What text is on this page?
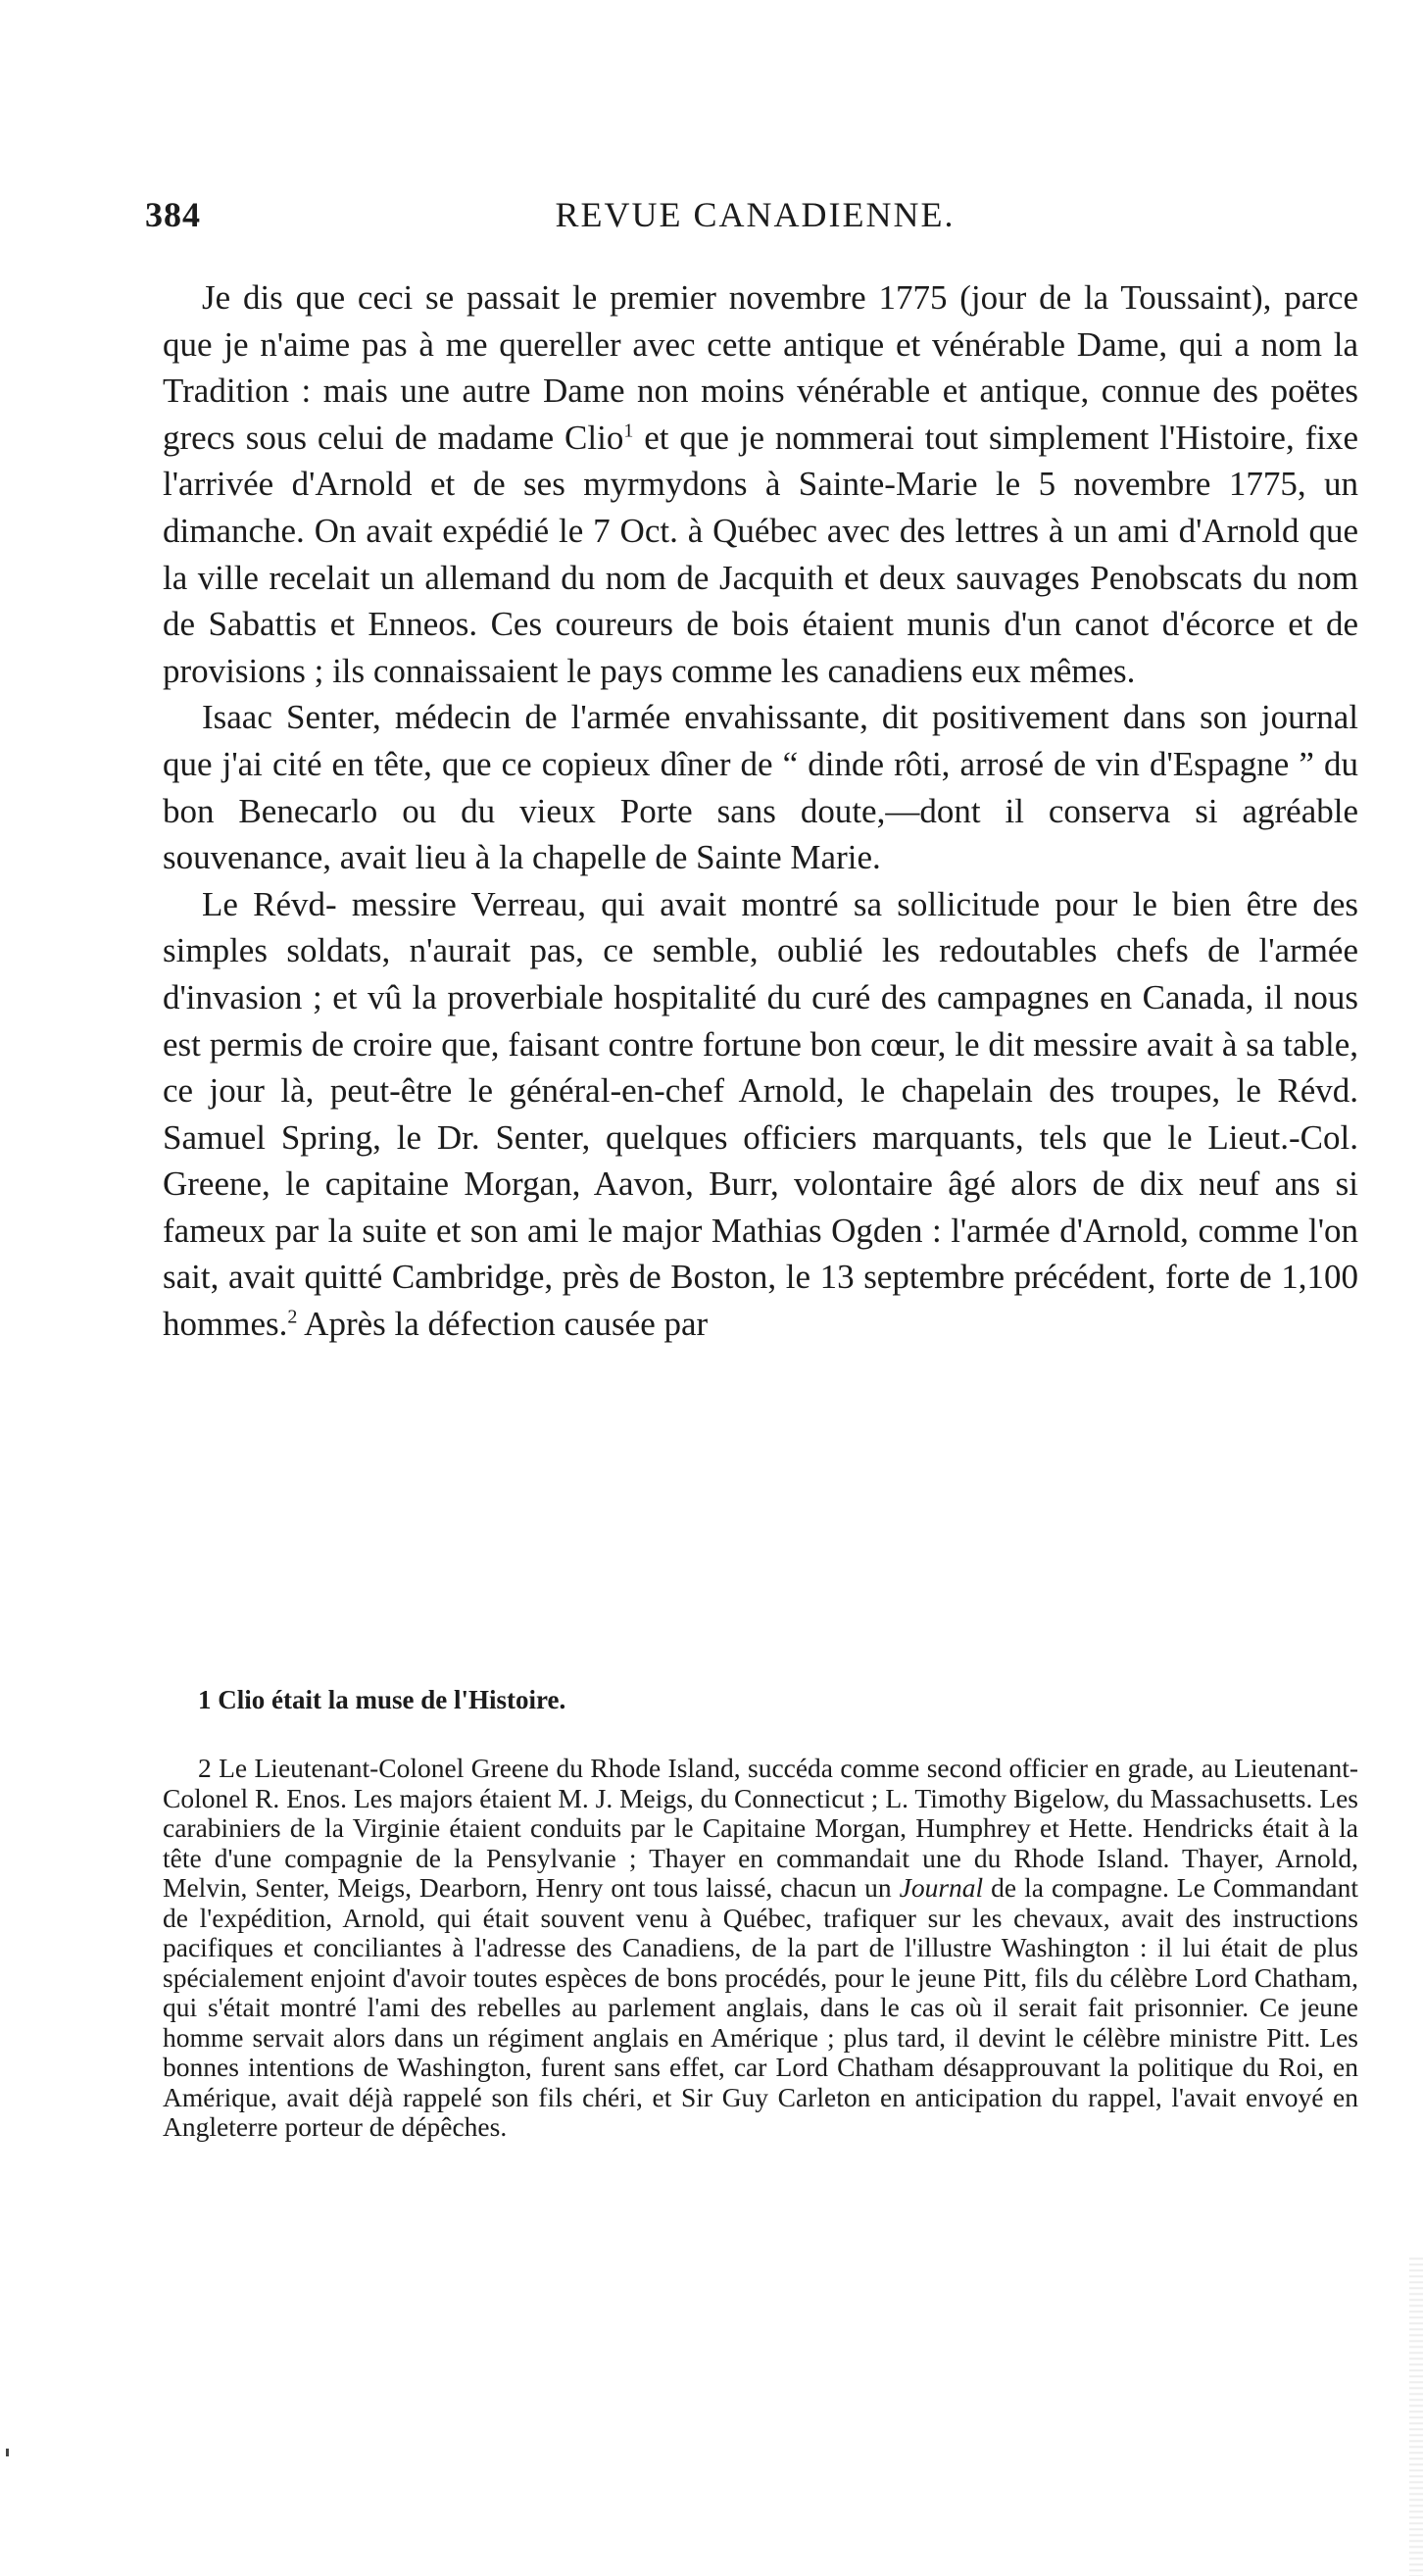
384	REVUE CANADIENNE.

Je dis que ceci se passait le premier novembre 1775 (jour de la Toussaint), parce que je n'aime pas à me quereller avec cette antique et vénérable Dame, qui a nom la Tradition : mais une autre Dame non moins vénérable et antique, connue des poëtes grecs sous celui de madame Clio$^1$ et que je nommerai tout simplement l'Histoire, fixe l'arrivée d'Arnold et de ses myrmydons à Sainte-Marie le 5 novembre 1775, un dimanche. On avait expédié le 7 Oct. à Québec avec des lettres à un ami d'Arnold que la ville recelait un allemand du nom de Jacquith et deux sauvages Penobscats du nom de Sabattis et Enneos. Ces coureurs de bois étaient munis d'un canot d'écorce et de provisions ; ils connaissaient le pays comme les canadiens eux mêmes.

Isaac Senter, médecin de l'armée envahissante, dit positivement dans son journal que j'ai cité en tête, que ce copieux dîner de “ dinde rôti, arrosé de vin d'Espagne ” du bon Benecarlo ou du vieux Porte sans doute,—dont il conserva si agréable souvenance, avait lieu à la chapelle de Sainte Marie.

Le Révd- messire Verreau, qui avait montré sa sollicitude pour le bien être des simples soldats, n'aurait pas, ce semble, oublié les redoutables chefs de l'armée d'invasion ; et vû la proverbiale hospitalité du curé des campagnes en Canada, il nous est permis de croire que, faisant contre fortune bon cœur, le dit messire avait à sa table, ce jour là, peut-être le général-en-chef Arnold, le chapelain des troupes, le Révd. Samuel Spring, le Dr. Senter, quelques officiers marquants, tels que le Lieut.-Col. Greene, le capitaine Morgan, Aavon, Burr, volontaire âgé alors de dix neuf ans si fameux par la suite et son ami le major Mathias Ogden : l'armée d'Arnold, comme l'on sait, avait quitté Cambridge, près de Boston, le 13 septembre précédent, forte de 1,100 hommes.$^2$ Après la défection causée par

1 Clio était la muse de l'Histoire.

2 Le Lieutenant-Colonel Greene du Rhode Island, succéda comme second officier en grade, au Lieutenant-Colonel R. Enos. Les majors étaient M. J. Meigs, du Connecticut ; L. Timothy Bigelow, du Massachusetts. Les carabiniers de la Virginie étaient conduits par le Capitaine Morgan, Humphrey et Hette. Hendricks était à la tête d'une compagnie de la Pensylvanie ; Thayer en commandait une du Rhode Island. Thayer, Arnold, Melvin, Senter, Meigs, Dearborn, Henry ont tous laissé, chacun un Journal de la compagne. Le Commandant de l'expédition, Arnold, qui était souvent venu à Québec, trafiquer sur les chevaux, avait des instructions pacifiques et conciliantes à l'adresse des Canadiens, de la part de l'illustre Washington : il lui était de plus spécialement enjoint d'avoir toutes espèces de bons procédés, pour le jeune Pitt, fils du célèbre Lord Chatham, qui s'était montré l'ami des rebelles au parlement anglais, dans le cas où il serait fait prisonnier. Ce jeune homme servait alors dans un régiment anglais en Amérique ; plus tard, il devint le célèbre ministre Pitt. Les bonnes intentions de Washington, furent sans effet, car Lord Chatham désapprouvant la politique du Roi, en Amérique, avait déjà rappelé son fils chéri, et Sir Guy Carleton en anticipation du rappel, l'avait envoyé en Angleterre porteur de dépêches.
